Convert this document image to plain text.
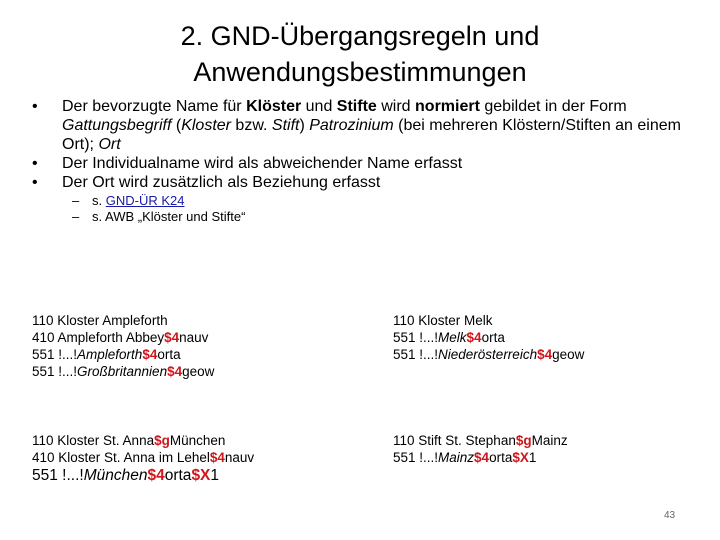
2. GND-Übergangsregeln und
Anwendungsbestimmungen
• Der bevorzugte Name für Klöster und Stifte wird normiert gebildet in der Form Gattungsbegriff (Kloster bzw. Stift) Patrozinium (bei mehreren Klöstern/Stiften an einem Ort); Ort
• Der Individualname wird als abweichender Name erfasst
• Der Ort wird zusätzlich als Beziehung erfasst
– s. GND-ÜR K24
– s. AWB „Klöster und Stifte“
110 Kloster Ampleforth
410 Ampleforth Abbey$4nauv
551 !...!Ampleforth$4orta
551 !...!Großbritannien$4geow
110 Kloster Melk
551 !...!Melk$4orta
551 !...!Niederösterreich$4geow
110 Kloster St. Anna$gMünchen
410 Kloster St. Anna im Lehel$4nauv
551 !...!München$4orta$X1
110 Stift St. Stephan$gMainz
551 !...!Mainz$4orta$X1
43
